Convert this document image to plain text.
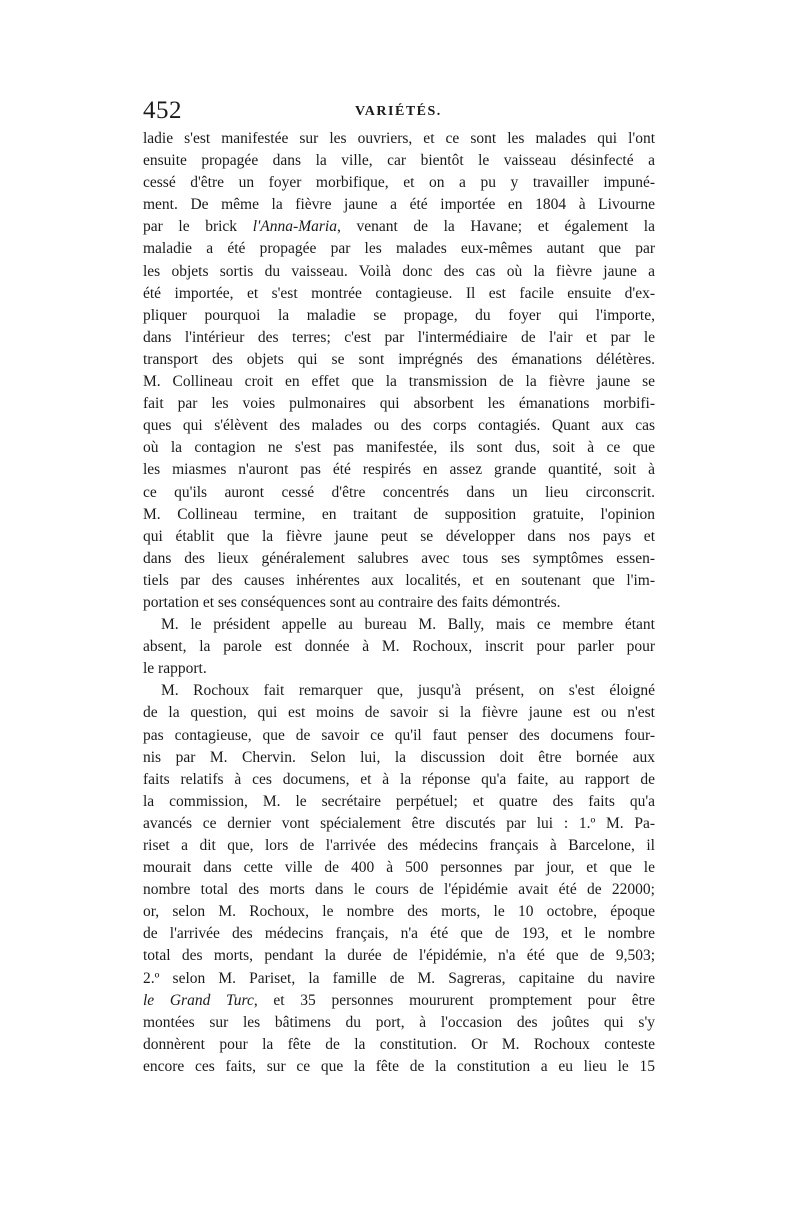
452	VARIÉTÉS.
ladie s'est manifestée sur les ouvriers, et ce sont les malades qui l'ont
ensuite propagée dans la ville, car bientôt le vaisseau désinfecté a
cessé d'être un foyer morbifique, et on a pu y travailler impuné-
ment. De même la fièvre jaune a été importée en 1804 à Livourne
par le brick l'Anna-Maria, venant de la Havane; et également la
maladie a été propagée par les malades eux-mêmes autant que par
les objets sortis du vaisseau. Voilà donc des cas où la fièvre jaune a
été importée, et s'est montrée contagieuse. Il est facile ensuite d'ex-
pliquer pourquoi la maladie se propage, du foyer qui l'importe,
dans l'intérieur des terres; c'est par l'intermédiaire de l'air et par le
transport des objets qui se sont imprégnés des émanations délétères.
M. Collineau croit en effet que la transmission de la fièvre jaune se
fait par les voies pulmonaires qui absorbent les émanations morbifi-
ques qui s'élèvent des malades ou des corps contagiés. Quant aux cas
où la contagion ne s'est pas manifestée, ils sont dus, soit à ce que
les miasmes n'auront pas été respirés en assez grande quantité, soit à
ce qu'ils auront cessé d'être concentrés dans un lieu circonscrit.
M. Collineau termine, en traitant de supposition gratuite, l'opinion
qui établit que la fièvre jaune peut se développer dans nos pays et
dans des lieux généralement salubres avec tous ses symptômes essen-
tiels par des causes inhérentes aux localités, et en soutenant que l'im-
portation et ses conséquences sont au contraire des faits démontrés.
M. le président appelle au bureau M. Bally, mais ce membre étant
absent, la parole est donnée à M. Rochoux, inscrit pour parler pour
le rapport.
M. Rochoux fait remarquer que, jusqu'à présent, on s'est éloigné
de la question, qui est moins de savoir si la fièvre jaune est ou n'est
pas contagieuse, que de savoir ce qu'il faut penser des documens four-
nis par M. Chervin. Selon lui, la discussion doit être bornée aux
faits relatifs à ces documens, et à la réponse qu'a faite, au rapport de
la commission, M. le secrétaire perpétuel; et quatre des faits qu'a
avancés ce dernier vont spécialement être discutés par lui : 1.º M. Pa-
riset a dit que, lors de l'arrivée des médecins français à Barcelone, il
mourait dans cette ville de 400 à 500 personnes par jour, et que le
nombre total des morts dans le cours de l'épidémie avait été de 22000;
or, selon M. Rochoux, le nombre des morts, le 10 octobre, époque
de l'arrivée des médecins français, n'a été que de 193, et le nombre
total des morts, pendant la durée de l'épidémie, n'a été que de 9,503;
2.º selon M. Pariset, la famille de M. Sagreras, capitaine du navire
le Grand Turc, et 35 personnes moururent promptement pour être
montées sur les bâtimens du port, à l'occasion des joûtes qui s'y
donnèrent pour la fête de la constitution. Or M. Rochoux conteste
encore ces faits, sur ce que la fête de la constitution a eu lieu le 15
